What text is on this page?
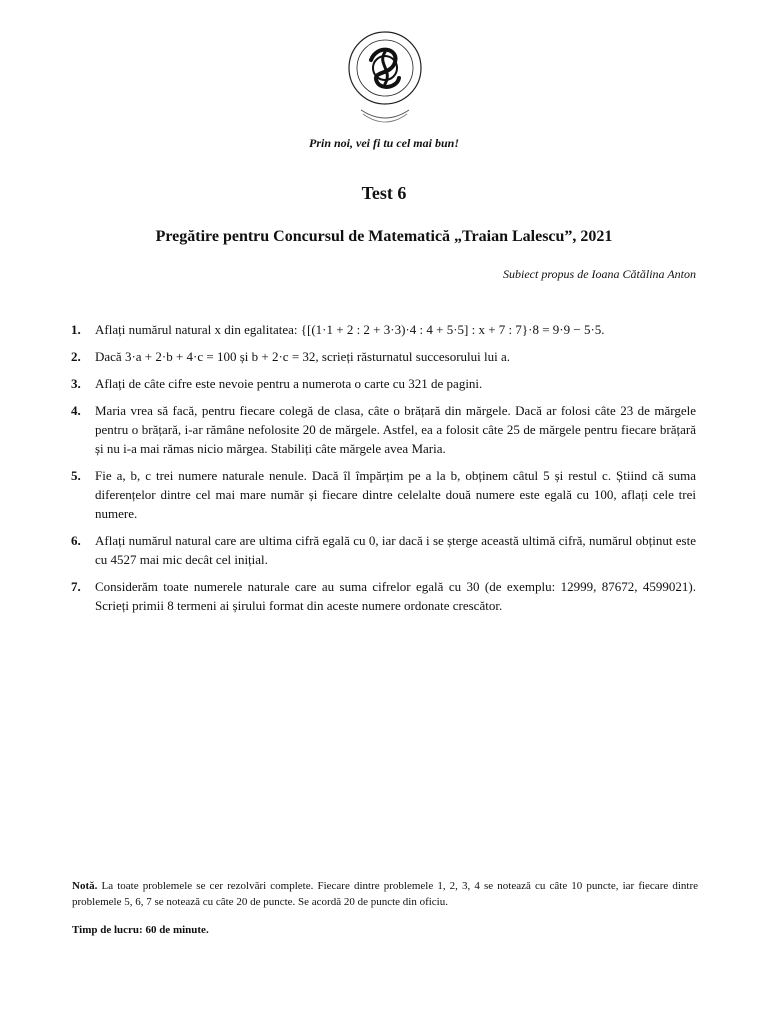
Prin noi, vei fi tu cel mai bun!
Test 6
Pregătire pentru Concursul de Matematică „Traian Lalescu”, 2021
Subiect propus de Ioana Cătălina Anton
1.	Aflați numărul natural x din egalitatea: {[(1·1 + 2 : 2 + 3·3)·4 : 4 + 5·5] : x + 7 : 7}·8 = 9·9 − 5·5.
2.	Dacă 3·a + 2·b + 4·c = 100 și b + 2·c = 32, scrieți răsturnatul succesorului lui a.
3.	Aflați de câte cifre este nevoie pentru a numerota o carte cu 321 de pagini.
4.	Maria vrea să facă, pentru fiecare colegă de clasa, câte o brățară din mărgele. Dacă ar folosi câte 23 de mărgele pentru o brățară, i-ar rămâne nefolosite 20 de mărgele. Astfel, ea a folosit câte 25 de mărgele pentru fiecare brățară și nu i-a mai rămas nicio mărgea. Stabiliți câte mărgele avea Maria.
5.	Fie a, b, c trei numere naturale nenule. Dacă îl împărțim pe a la b, obținem câtul 5 și restul c. Știind că suma diferențelor dintre cel mai mare număr și fiecare dintre celelalte două numere este egală cu 100, aflați cele trei numere.
6.	Aflați numărul natural care are ultima cifră egală cu 0, iar dacă i se șterge această ultimă cifră, numărul obținut este cu 4527 mai mic decât cel inițial.
7.	Considerăm toate numerele naturale care au suma cifrelor egală cu 30 (de exemplu: 12999, 87672, 4599021). Scrieți primii 8 termeni ai șirului format din aceste numere ordonate crescător.
Notă. La toate problemele se cer rezolvări complete. Fiecare dintre problemele 1, 2, 3, 4 se notează cu câte 10 puncte, iar fiecare dintre problemele 5, 6, 7 se notează cu câte 20 de puncte. Se acordă 20 de puncte din oficiu.
Timp de lucru: 60 de minute.
